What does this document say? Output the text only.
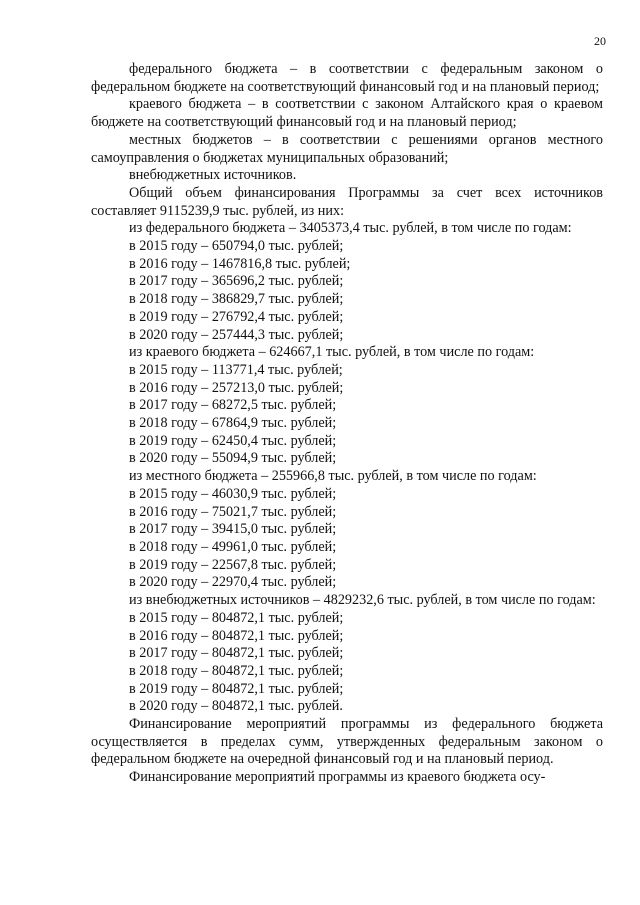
20

федерального бюджета – в соответствии с федеральным законом о федеральном бюджете на соответствующий финансовый год и на плановый период;

краевого бюджета – в соответствии с законом Алтайского края о краевом бюджете на соответствующий финансовый год и на плановый период;

местных бюджетов – в соответствии с решениями органов местного самоуправления о бюджетах муниципальных образований;

внебюджетных источников.

Общий объем финансирования Программы за счет всех источников составляет 9115239,9 тыс. рублей, из них:

из федерального бюджета – 3405373,4 тыс. рублей, в том числе по годам:

в 2015 году – 650794,0 тыс. рублей;

в 2016 году – 1467816,8 тыс. рублей;

в 2017 году – 365696,2 тыс. рублей;

в 2018 году – 386829,7 тыс. рублей;

в 2019 году – 276792,4 тыс. рублей;

в 2020 году – 257444,3 тыс. рублей;

из краевого бюджета – 624667,1 тыс. рублей, в том числе по годам:

в 2015 году – 113771,4 тыс. рублей;

в 2016 году – 257213,0 тыс. рублей;

в 2017 году – 68272,5 тыс. рублей;

в 2018 году – 67864,9 тыс. рублей;

в 2019 году – 62450,4 тыс. рублей;

в 2020 году – 55094,9 тыс. рублей;

из местного бюджета – 255966,8 тыс. рублей, в том числе по годам:

в 2015 году – 46030,9 тыс. рублей;

в 2016 году – 75021,7 тыс. рублей;

в 2017 году – 39415,0 тыс. рублей;

в 2018 году – 49961,0 тыс. рублей;

в 2019 году – 22567,8 тыс. рублей;

в 2020 году – 22970,4 тыс. рублей;

из внебюджетных источников – 4829232,6 тыс. рублей, в том числе по годам:

в 2015 году – 804872,1 тыс. рублей;

в 2016 году – 804872,1 тыс. рублей;

в 2017 году – 804872,1 тыс. рублей;

в 2018 году – 804872,1 тыс. рублей;

в 2019 году – 804872,1 тыс. рублей;

в 2020 году – 804872,1 тыс. рублей.

Финансирование мероприятий программы из федерального бюджета осуществляется в пределах сумм, утвержденных федеральным законом о федеральном бюджете на очередной финансовый год и на плановый период.

Финансирование мероприятий программы из краевого бюджета осу-
